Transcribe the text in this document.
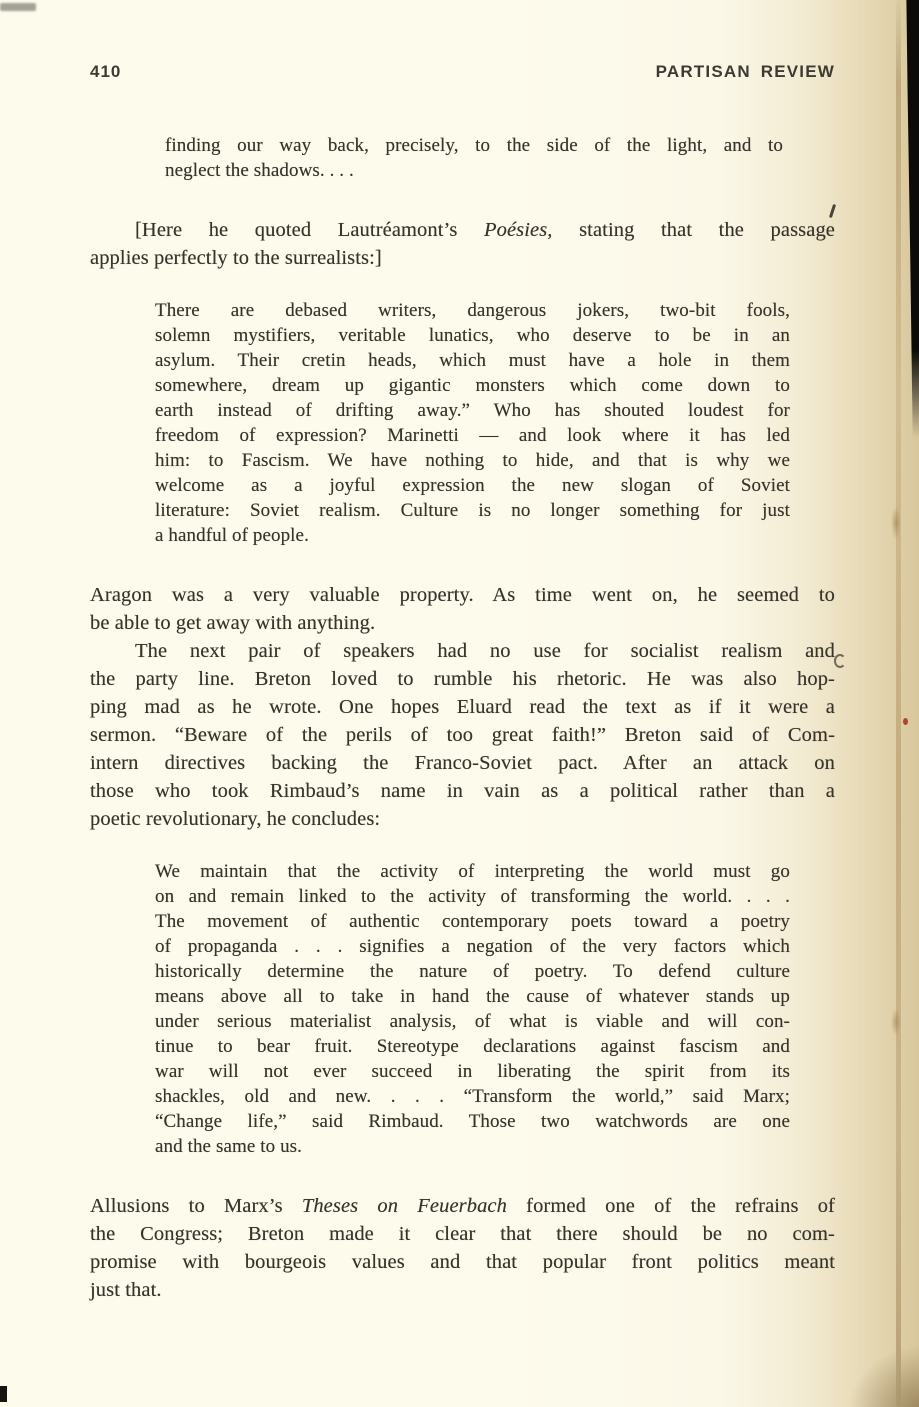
410	PARTISAN REVIEW
finding our way back, precisely, to the side of the light, and to
neglect the shadows. . . .
[Here he quoted Lautréamont’s Poésies, stating that the passage
applies perfectly to the surrealists:]
There are debased writers, dangerous jokers, two-bit fools,
solemn mystifiers, veritable lunatics, who deserve to be in an
asylum. Their cretin heads, which must have a hole in them
somewhere, dream up gigantic monsters which come down to
earth instead of drifting away.” Who has shouted loudest for
freedom of expression? Marinetti — and look where it has led
him: to Fascism. We have nothing to hide, and that is why we
welcome as a joyful expression the new slogan of Soviet
literature: Soviet realism. Culture is no longer something for just
a handful of people.
Aragon was a very valuable property. As time went on, he seemed to
be able to get away with anything.
The next pair of speakers had no use for socialist realism and
the party line. Breton loved to rumble his rhetoric. He was also hop-
ping mad as he wrote. One hopes Eluard read the text as if it were a
sermon. “Beware of the perils of too great faith!” Breton said of Com-
intern directives backing the Franco-Soviet pact. After an attack on
those who took Rimbaud’s name in vain as a political rather than a
poetic revolutionary, he concludes:
We maintain that the activity of interpreting the world must go
on and remain linked to the activity of transforming the world. . . .
The movement of authentic contemporary poets toward a poetry
of propaganda . . . signifies a negation of the very factors which
historically determine the nature of poetry. To defend culture
means above all to take in hand the cause of whatever stands up
under serious materialist analysis, of what is viable and will con-
tinue to bear fruit. Stereotype declarations against fascism and
war will not ever succeed in liberating the spirit from its
shackles, old and new. . . . “Transform the world,” said Marx;
“Change life,” said Rimbaud. Those two watchwords are one
and the same to us.
Allusions to Marx’s Theses on Feuerbach formed one of the refrains of
the Congress; Breton made it clear that there should be no com-
promise with bourgeois values and that popular front politics meant
just that.
